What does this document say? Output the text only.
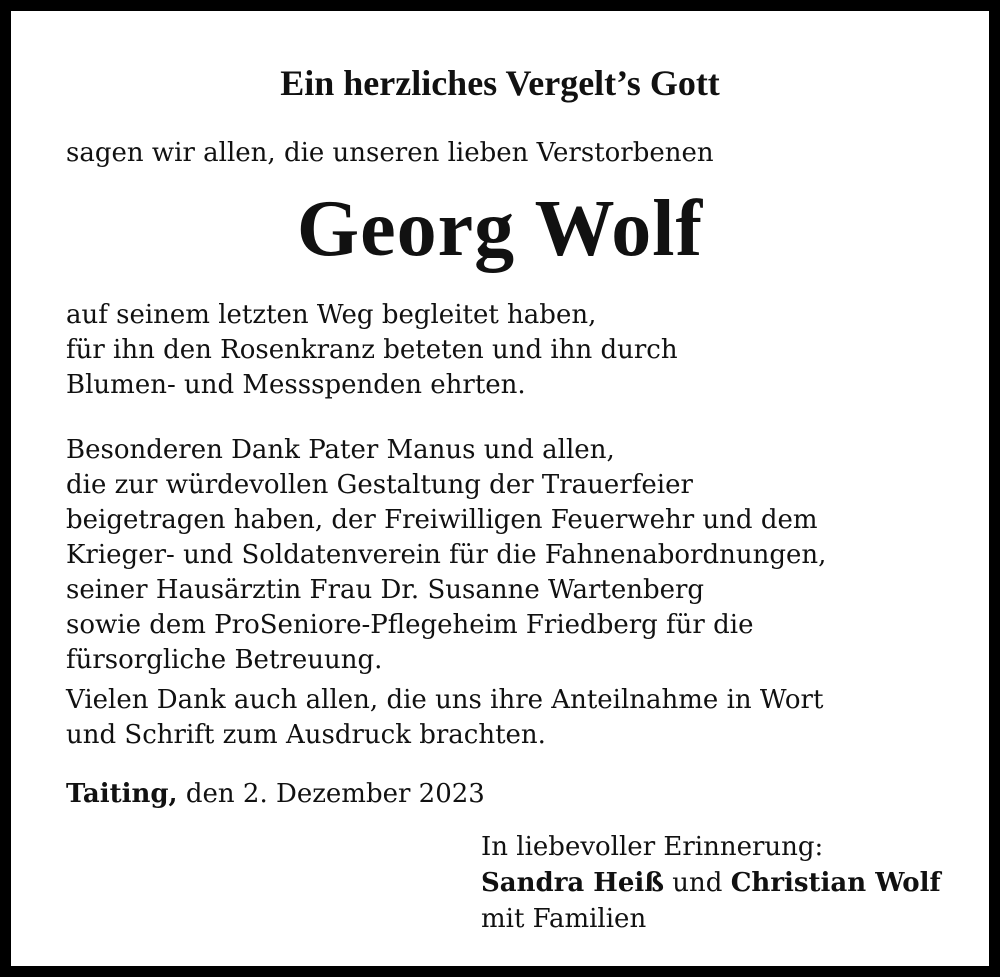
Ein herzliches Vergelt’s Gott

sagen wir allen, die unseren lieben Verstorbenen

Georg Wolf

auf seinem letzten Weg begleitet haben,
für ihn den Rosenkranz beteten und ihn durch
Blumen- und Messspenden ehrten.

Besonderen Dank Pater Manus und allen,
die zur würdevollen Gestaltung der Trauerfeier
beigetragen haben, der Freiwilligen Feuerwehr und dem
Krieger- und Soldatenverein für die Fahnenabordnungen,
seiner Hausärztin Frau Dr. Susanne Wartenberg
sowie dem ProSeniore-Pflegeheim Friedberg für die
fürsorgliche Betreuung.

Vielen Dank auch allen, die uns ihre Anteilnahme in Wort
und Schrift zum Ausdruck brachten.

Taiting, den 2. Dezember 2023

In liebevoller Erinnerung:
Sandra Heiß und Christian Wolf
mit Familien
